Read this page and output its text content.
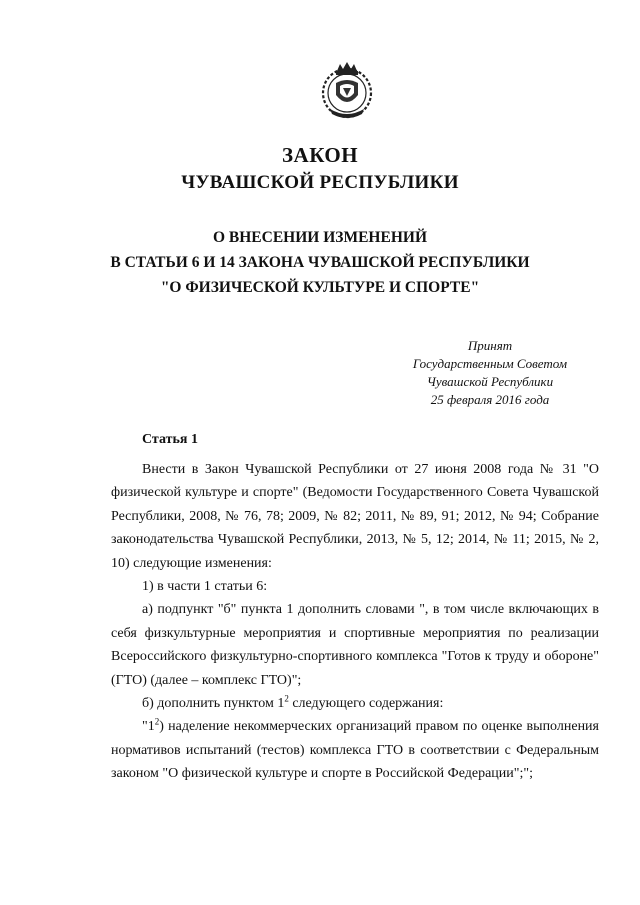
ЗАКОН
ЧУВАШСКОЙ РЕСПУБЛИКИ
О ВНЕСЕНИИ ИЗМЕНЕНИЙ
В СТАТЬИ 6 И 14 ЗАКОНА ЧУВАШСКОЙ РЕСПУБЛИКИ
"О ФИЗИЧЕСКОЙ КУЛЬТУРЕ И СПОРТЕ"
Принят
Государственным Советом
Чувашской Республики
25 февраля 2016 года
Статья 1

Внести в Закон Чувашской Республики от 27 июня 2008 года № 31 "О физической культуре и спорте" (Ведомости Государственного Совета Чувашской Республики, 2008, № 76, 78; 2009, № 82; 2011, № 89, 91; 2012, № 94; Собрание законодательства Чувашской Республики, 2013, № 5, 12; 2014, № 11; 2015, № 2, 10) следующие изменения:

1) в части 1 статьи 6:

а) подпункт "б" пункта 1 дополнить словами ", в том числе включающих в себя физкультурные мероприятия и спортивные мероприятия по реализации Всероссийского физкультурно-спортивного комплекса "Готов к труду и обороне" (ГТО) (далее – комплекс ГТО)";

б) дополнить пунктом $1^2$ следующего содержания:

"$1^2$) наделение некоммерческих организаций правом по оценке выполнения нормативов испытаний (тестов) комплекса ГТО в соответствии с Федеральным законом "О физической культуре и спорте в Российской Федерации";";
